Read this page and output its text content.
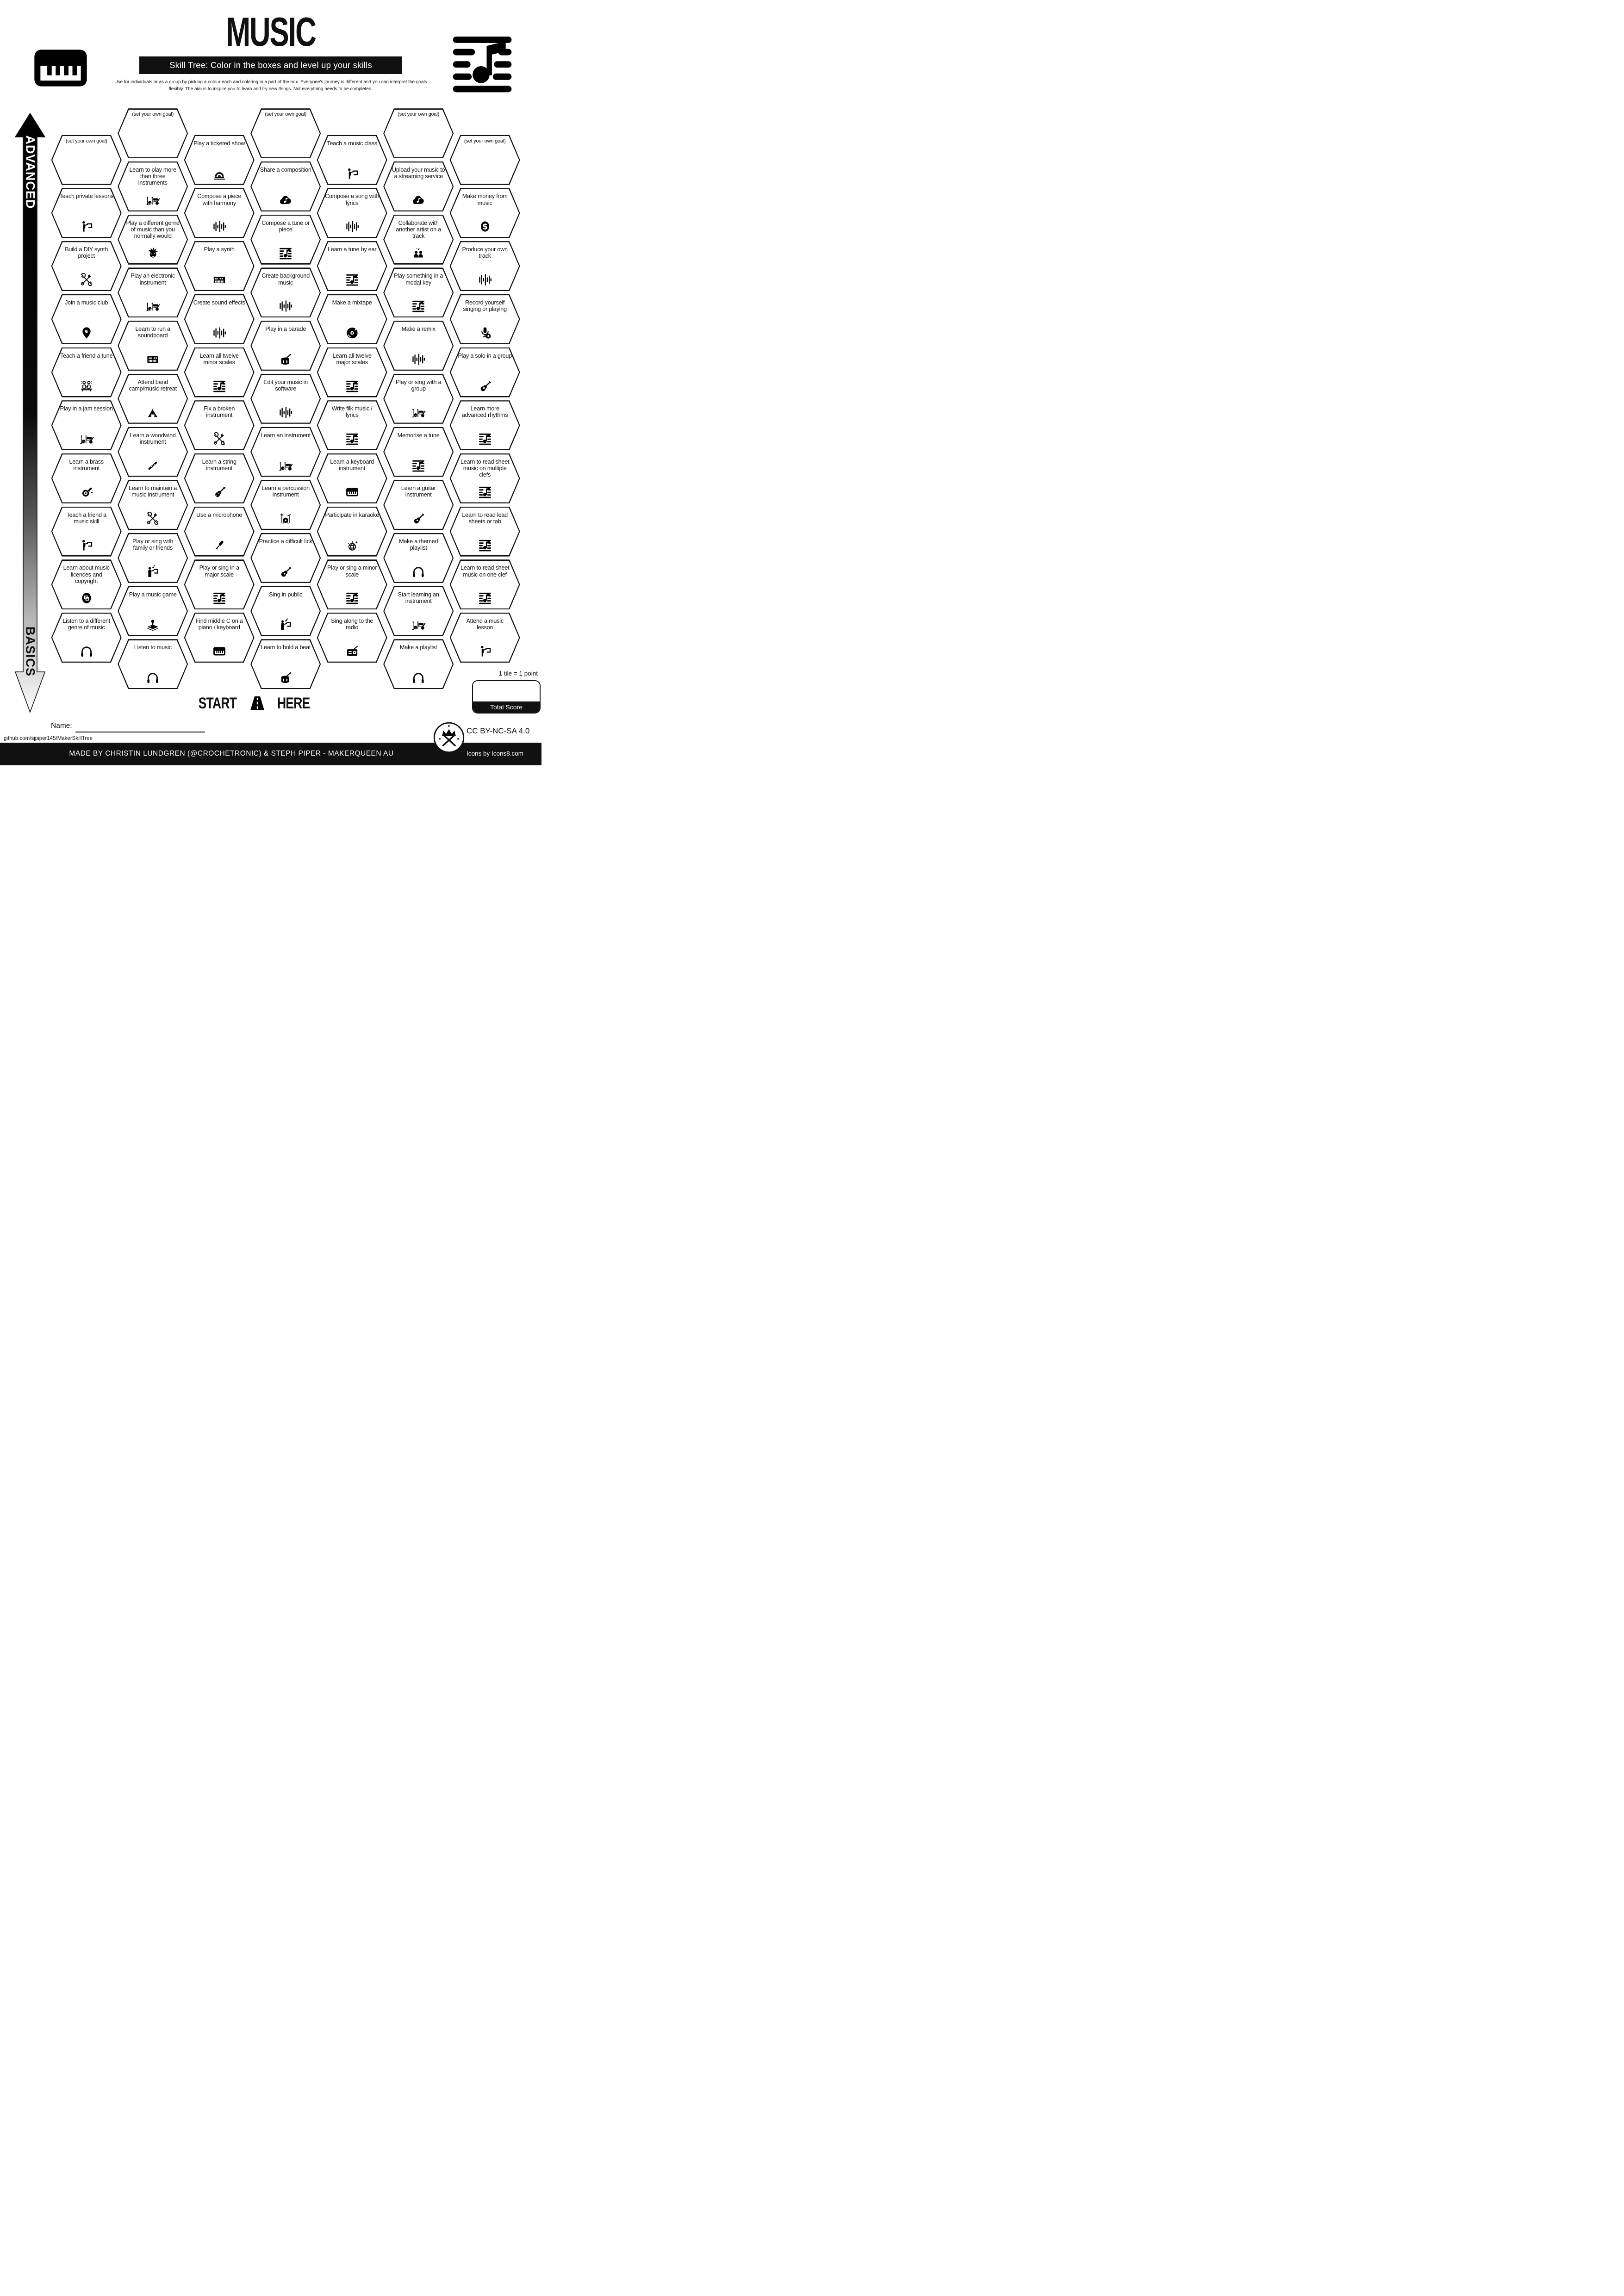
MUSIC
Skill Tree: Color in the boxes and level up your skills
Use for individuals or as a group by picking a colour each and coloring in a part of the box. Everyone's journey is different and you can interpret the goals flexibly. The aim is to inspire you to learn and try new things. Not everything needs to be completed.
ADVANCED
BASICS
(set your own goal)
Teach private lessons
Build a DIY synth project
Join a music club
Teach a friend a tune
Play in a jam session
Learn a brass instrument
Teach a friend a music skill
Learn about music licences and copyright
Listen to a different genre of music
(set your own goal)
Learn to play more than three instruments
Play a different genre of music than you normally would
Play an electronic instrument
Learn to run a soundboard
Attend band camp/music retreat
Learn a woodwind instrument
Learn to maintain a music instrument
Play or sing with family or friends
Play a music game
Listen to music
Play a ticketed show
Compose a piece with harmony
Play a synth
Create sound effects
Learn all twelve minor scales
Fix a broken instrument
Learn a string instrument
Use a microphone
Play or sing in a major scale
Find middle C on a piano / keyboard
(set your own goal)
Share a composition
Compose a tune or piece
Create background music
Play in a parade
Edit your music in software
Learn an instrument
Learn a percussion instrument
Practice a difficult lick
Sing in public
Learn to hold a beat
Teach a music class
Compose a song with lyrics
Learn a tune by ear
Make a mixtape
Learn all twelve major scales
Write filk music / lyrics
Learn a keyboard instrument
Participate in karaoke
Play or sing a minor scale
Sing along to the radio
(set your own goal)
Upload your music to a streaming service
Collaborate with another artist on a track
Play something in a modal key
Make a remix
Play or sing with a group
Memorise a tune
Learn a guitar instrument
Make a themed playlist
Start learning an instrument
Make a playlist
(set your own goal)
Make money from music
Produce your own track
Record yourself singing or playing
Play a solo in a group
Learn more advanced rhythms
Learn to read sheet music on multiple clefs
Learn to read lead sheets or tab
Learn to read sheet music on one clef
Attend a music lesson
START	HERE
1 tile = 1 point
Total Score
Name:
github.com/sjpiper145/MakerSkillTree
MADE BY CHRISTIN LUNDGREN (@CROCHETRONIC) & STEPH PIPER - MAKERQUEEN AU
CC BY-NC-SA 4.0
Icons by Icons8.com
